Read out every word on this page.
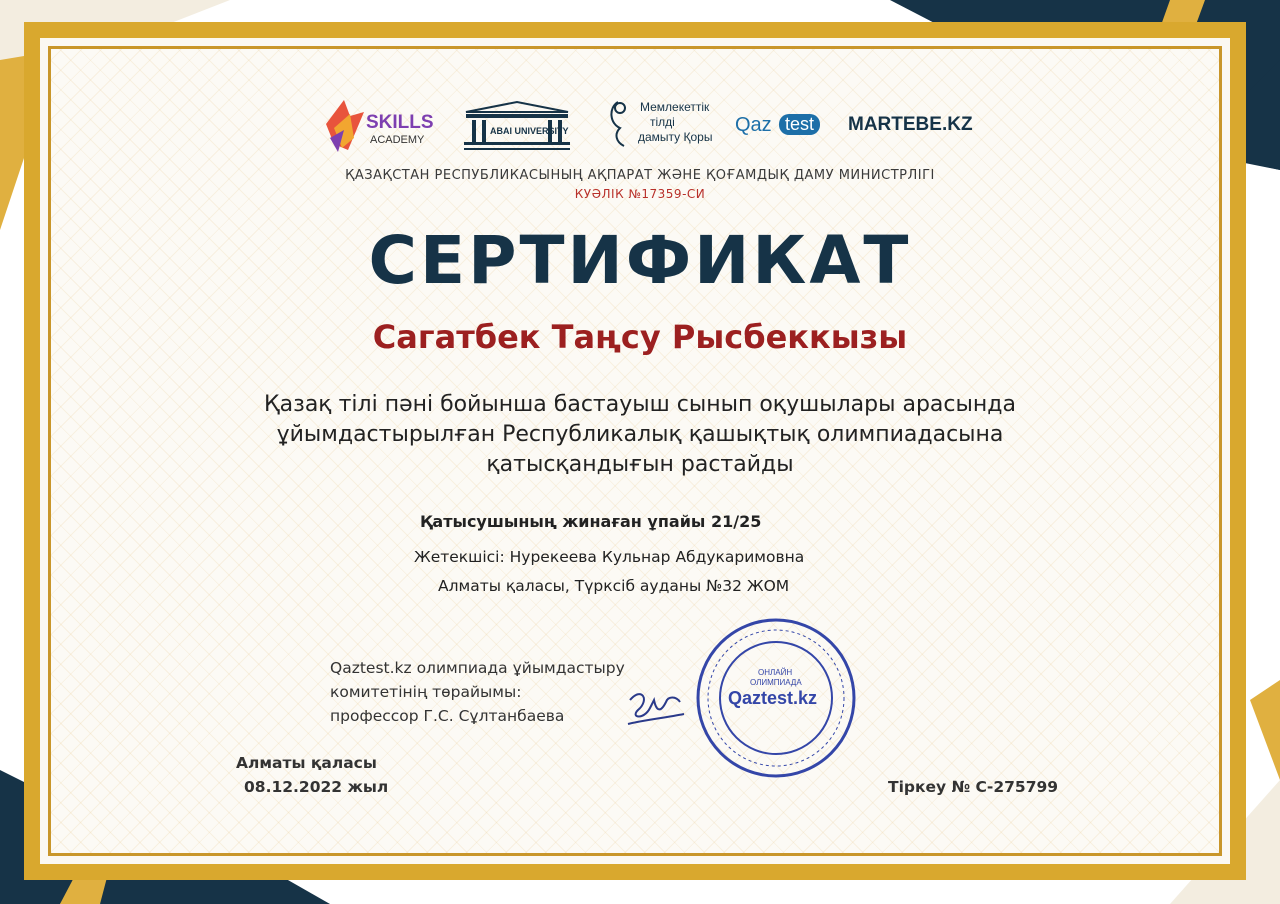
SKILLS
ACADEMY
ABAI UNIVERSITY
Мемлекеттік
тілді
дамыту Қоры
Qaz test	MARTEBE.KZ
ҚАЗАҚСТАН РЕСПУБЛИКАСЫНЫҢ АҚПАРАТ ЖӘНЕ ҚОҒАМДЫҚ ДАМУ МИНИСТРЛІГІ
КУӘЛІК №17359-СИ
СЕРТИФИКАТ
Сагатбек Таңсу Рысбеккызы
Қазақ тілі пәні бойынша бастауыш сынып оқушылары арасында
ұйымдастырылған Республикалық қашықтық олимпиадасына
қатысқандығын растайды
Қатысушының жинаған ұпайы 21/25
Жетекшісі: Нурекеева Кульнар Абдукаримовна
Алматы қаласы, Түрксіб ауданы №32 ЖОМ
Qaztest.kz олимпиада ұйымдастыру
комитетінің төрайымы:
профессор Г.С. Сұлтанбаева
ОНЛАЙН
ОЛИМПИАДА
Qaztest.kz
Алматы қаласы
08.12.2022 жыл	Тіркеу № С-275799
